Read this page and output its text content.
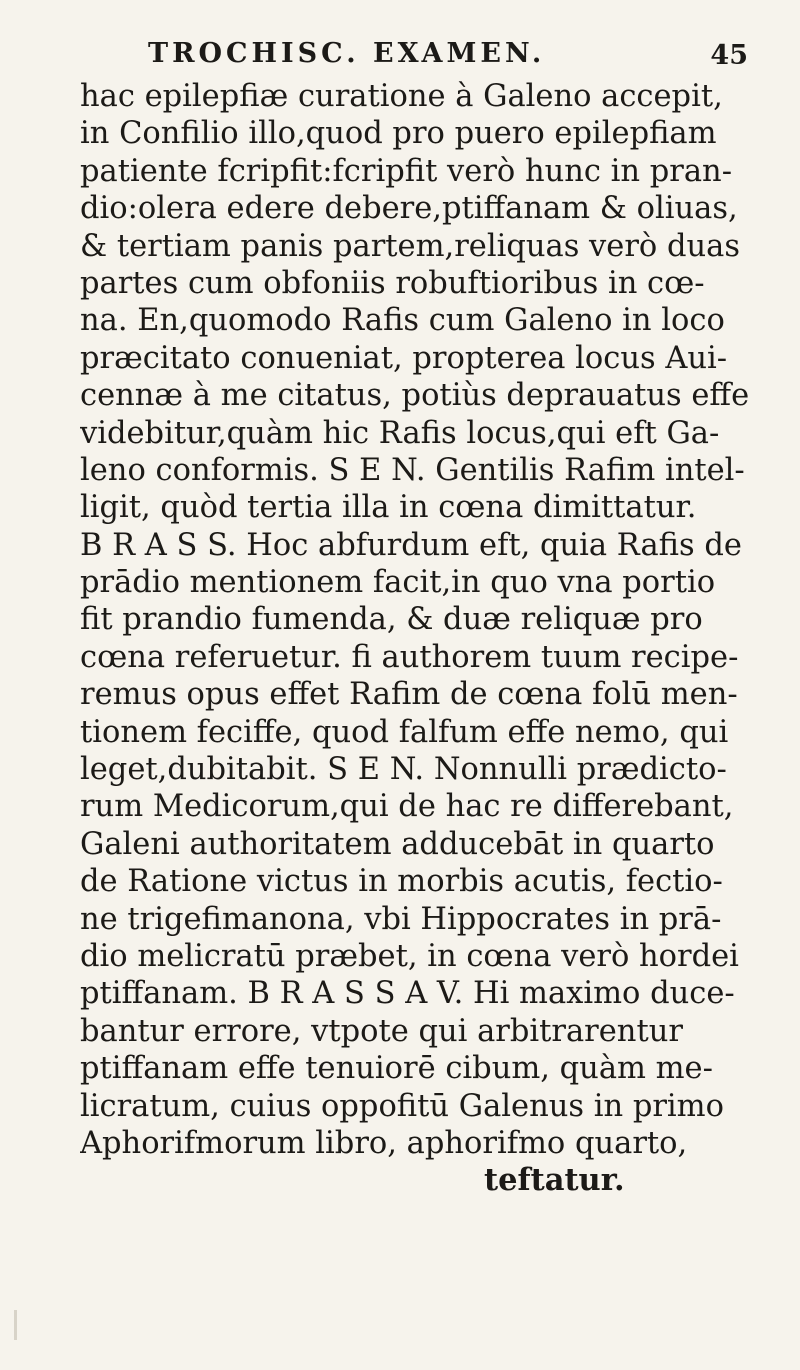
TROCHISC. EXAMEN.	45
hac epilepfiæ curatione à Galeno accepit,
in Confilio illo,quod pro puero epilepfiam
patiente fcripfit:fcripfit verò hunc in pran-
dio:olera edere debere,ptiffanam & oliuas,
& tertiam panis partem,reliquas verò duas
partes cum obfoniis robuftioribus in cœ-
na. En,quomodo Rafis cum Galeno in loco
præcitato conueniat, propterea locus Aui-
cennæ à me citatus, potiùs deprauatus effe
videbitur,quàm hic Rafis locus,qui eft Ga-
leno conformis. S E N. Gentilis Rafim intel-
ligit, quòd tertia illa in cœna dimittatur.
B R A S S. Hoc abfurdum eft, quia Rafis de
prādio mentionem facit,in quo vna portio
fit prandio fumenda, & duæ reliquæ pro
cœna referuetur. fi authorem tuum recipe-
remus opus effet Rafim de cœna folū men-
tionem feciffe, quod falfum effe nemo, qui
leget,dubitabit. S E N. Nonnulli prædicto-
rum Medicorum,qui de hac re differebant,
Galeni authoritatem adducebāt in quarto
de Ratione victus in morbis acutis, fectio-
ne trigefimanona, vbi Hippocrates in prā-
dio melicratū præbet, in cœna verò hordei
ptiffanam. B R A S S A V. Hi maximo duce-
bantur errore, vtpote qui arbitrarentur
ptiffanam effe tenuiorē cibum, quàm me-
licratum, cuius oppofitū Galenus in primo
Aphorifmorum libro, aphorifmo quarto,
teftatur.
